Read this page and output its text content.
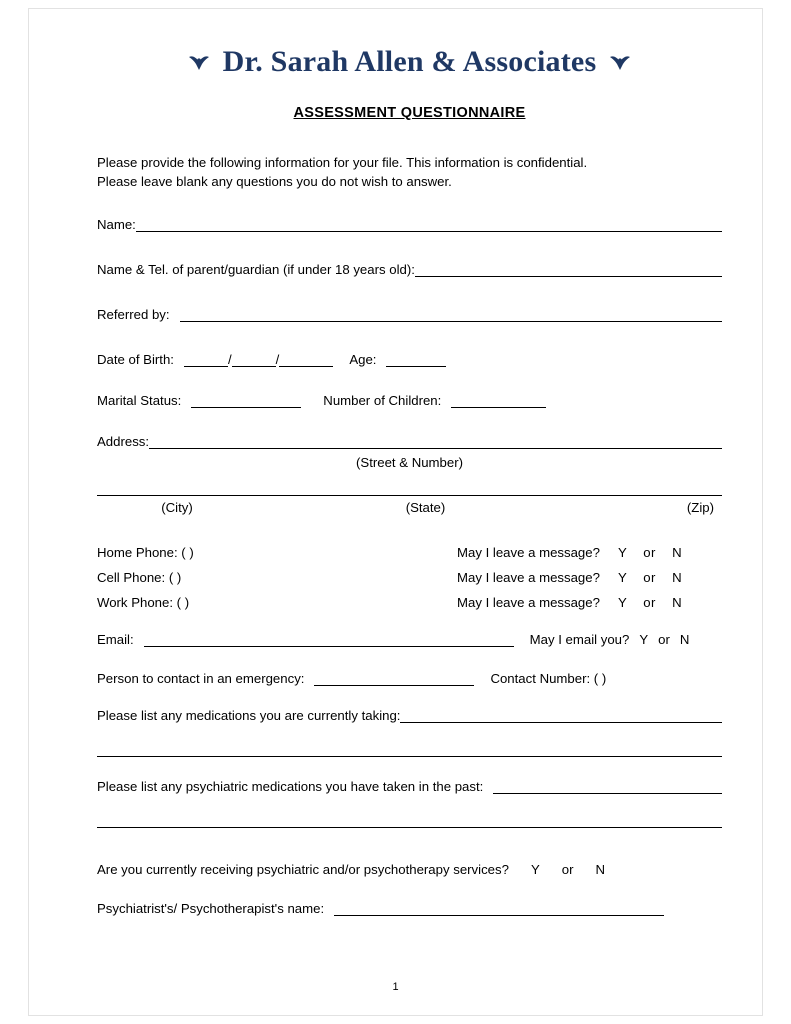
Dr. Sarah Allen & Associates
ASSESSMENT QUESTIONNAIRE
Please provide the following information for your file. This information is confidential.
Please leave blank any questions you do not wish to answer.
Name:
Name & Tel. of parent/guardian (if under 18 years old):
Referred by:
Date of Birth:	/	/	Age:
Marital Status:	Number of Children:
Address:
(Street & Number)
(City)	(State)	(Zip)
Home Phone: ( )	May I leave a message? Y or N
Cell Phone: ( )	May I leave a message? Y or N
Work Phone: ( )	May I leave a message? Y or N
Email:	May I email you? Y or N
Person to contact in an emergency:	Contact Number: ( )
Please list any medications you are currently taking:
Please list any psychiatric medications you have taken in the past:
Are you currently receiving psychiatric and/or psychotherapy services? Y or N
Psychiatrist's/ Psychotherapist's name:
1
